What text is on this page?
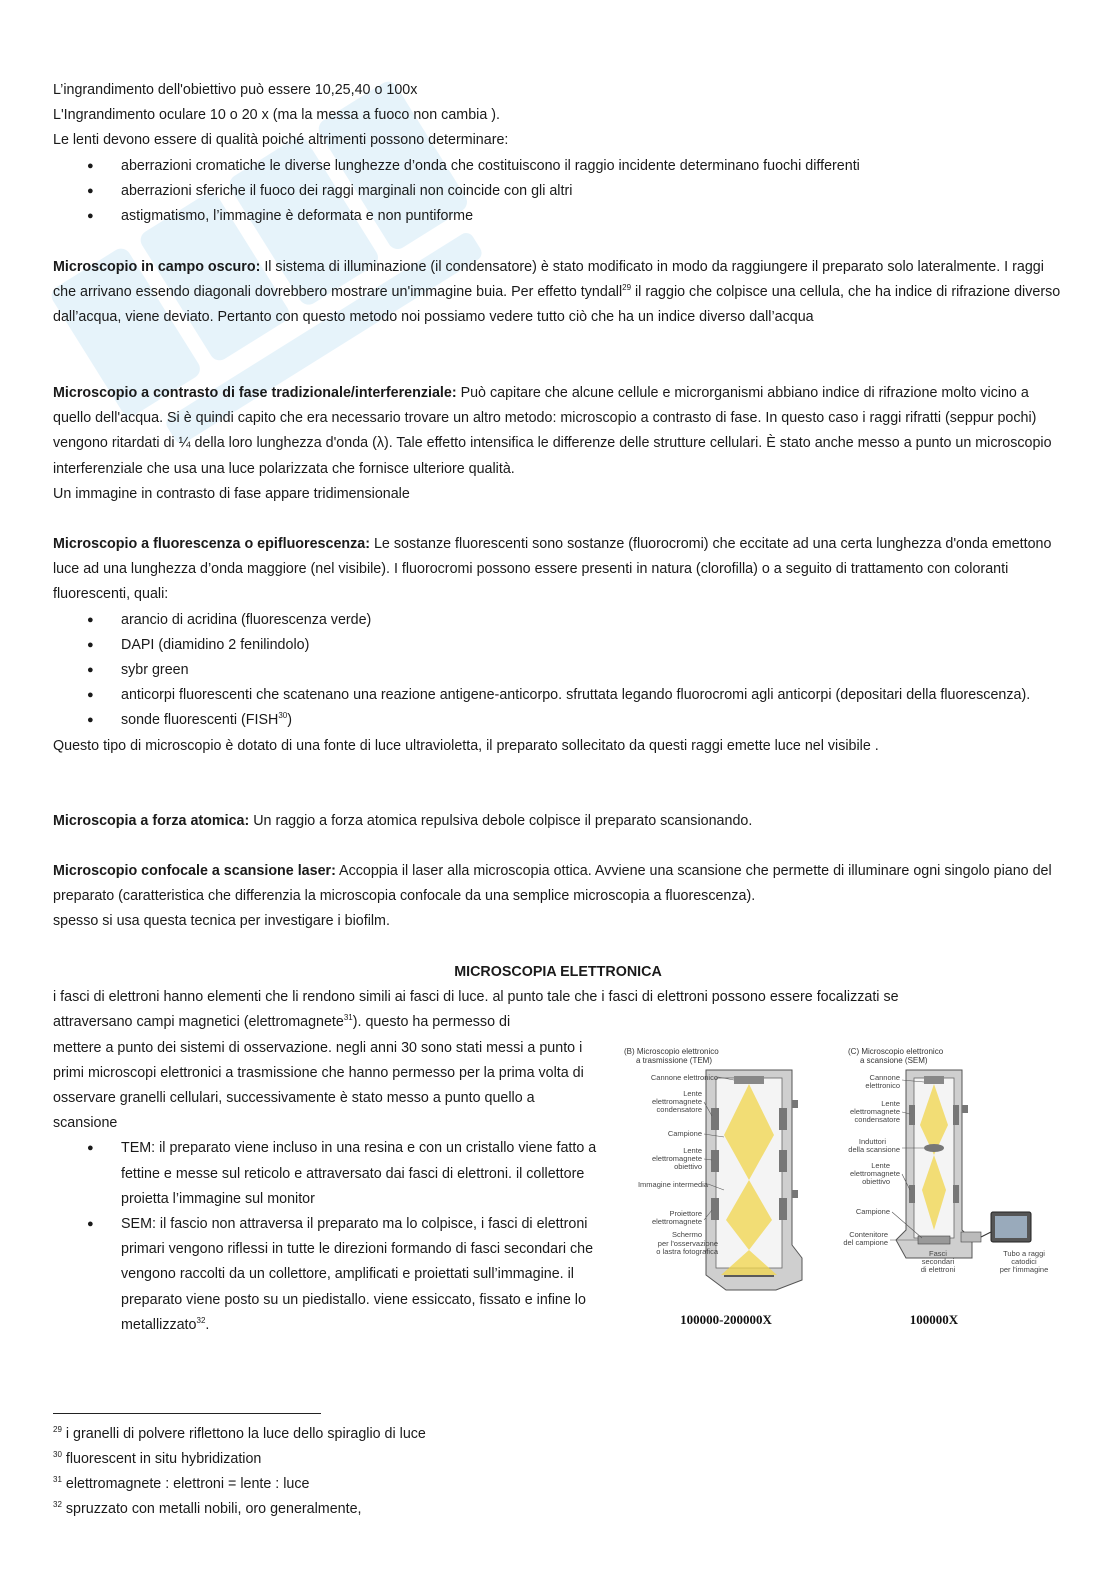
L’ingrandimento dell'obiettivo può essere 10,25,40 o 100x

L'Ingrandimento oculare 10 o 20 x (ma la messa a fuoco non cambia ).

Le lenti devono essere di qualità poiché altrimenti possono determinare:

● aberrazioni cromatiche le diverse lunghezze d’onda che costituiscono il raggio incidente determinano fuochi differenti
● aberrazioni sferiche il fuoco dei raggi marginali non coincide con gli altri
● astigmatismo, l’immagine è deformata e non puntiforme

Microscopio in campo oscuro: Il sistema di illuminazione (il condensatore) è stato modificato in modo da raggiungere il preparato solo lateralmente. I raggi che arrivano essendo diagonali dovrebbero mostrare un'immagine buia. Per effetto tyndall$^{29}$ il raggio che colpisce una cellula, che ha indice di rifrazione diverso dall’acqua, viene deviato. Pertanto con questo metodo noi possiamo vedere tutto ciò che ha un indice diverso dall’acqua

Microscopio a contrasto di fase tradizionale/interferenziale: Può capitare che alcune cellule e microrganismi abbiano indice di rifrazione molto vicino a quello dell'acqua. Si è quindi capito che era necessario trovare un altro metodo: microscopio a contrasto di fase. In questo caso i raggi rifratti (seppur pochi) vengono ritardati di ¼ della loro lunghezza d'onda (λ). Tale effetto intensifica le differenze delle strutture cellulari. È stato anche messo a punto un microscopio interferenziale che usa una luce polarizzata che fornisce ulteriore qualità.

Un immagine in contrasto di fase appare tridimensionale

Microscopio a fluorescenza o epifluorescenza: Le sostanze fluorescenti sono sostanze (fluorocromi) che eccitate ad una certa lunghezza d'onda emettono luce ad una lunghezza d’onda maggiore (nel visibile). I fluorocromi possono essere presenti in natura (clorofilla) o a seguito di trattamento con coloranti fluorescenti, quali:

● arancio di acridina (fluorescenza verde)
● DAPI (diamidino 2 fenilindolo)
● sybr green
● anticorpi fluorescenti che scatenano una reazione antigene-anticorpo. sfruttata legando fluorocromi agli anticorpi (depositari della fluorescenza).
● sonde fluorescenti (FISH$^{30}$)

Questo tipo di microscopio è dotato di una fonte di luce ultravioletta, il preparato sollecitato da questi raggi emette luce nel visibile .

Microscopia a forza atomica: Un raggio a forza atomica repulsiva debole colpisce il preparato scansionando.

Microscopio confocale a scansione laser: Accoppia il laser alla microscopia ottica. Avviene una scansione che permette di illuminare ogni singolo piano del preparato (caratteristica che differenzia la microscopia confocale da una semplice microscopia a fluorescenza).

spesso si usa questa tecnica per investigare i biofilm.

MICROSCOPIA ELETTRONICA

i fasci di elettroni hanno elementi che li rendono simili ai fasci di luce. al punto tale che i fasci di elettroni possono essere focalizzati se

attraversano campi magnetici (elettromagnete$^{31}$). questo ha permesso di

mettere a punto dei sistemi di osservazione. negli anni 30 sono stati messi a punto i primi microscopi elettronici a trasmissione che hanno permesso per la prima volta di osservare granelli cellulari, successivamente è stato messo a punto quello a scansione

● TEM: il preparato viene incluso in una resina e con un cristallo viene fatto a fettine e messe sul reticolo e attraversato dai fasci di elettroni. il collettore proietta l’immagine sul monitor
● SEM: il fascio non attraversa il preparato ma lo colpisce, i fasci di elettroni primari vengono riflessi in tutte le direzioni formando di fasci secondari che vengono raccolti da un collettore, amplificati e proiettati sull’immagine. il preparato viene posto su un piedistallo. viene essiccato, fissato e infine lo metallizzato$^{32}$.
(B) Microscopio elettronico
a trasmissione (TEM)
(C) Microscopio elettronico
a scansione (SEM)
Cannone elettronico
Lente
elettromagnete
condensatore
Campione
Lente
elettromagnete
obiettivo
Immagine intermedia
Proiettore
elettromagnete
Schermo
per l'osservazione
o lastra fotografica
Cannone
elettronico
Lente
elettromagnete
condensatore
Induttori
della scansione
Lente
elettromagnete
obiettivo
Campione
Contenitore
del campione
Fasci
secondari
di elettroni
Tubo a raggi
catodici
per l'immagine
100000-200000X	100000X
$^{29}$ i granelli di polvere riflettono la luce dello spiraglio di luce
$^{30}$ fluorescent in situ hybridization
$^{31}$ elettromagnete : elettroni = lente : luce
$^{32}$ spruzzato con metalli nobili, oro generalmente,
